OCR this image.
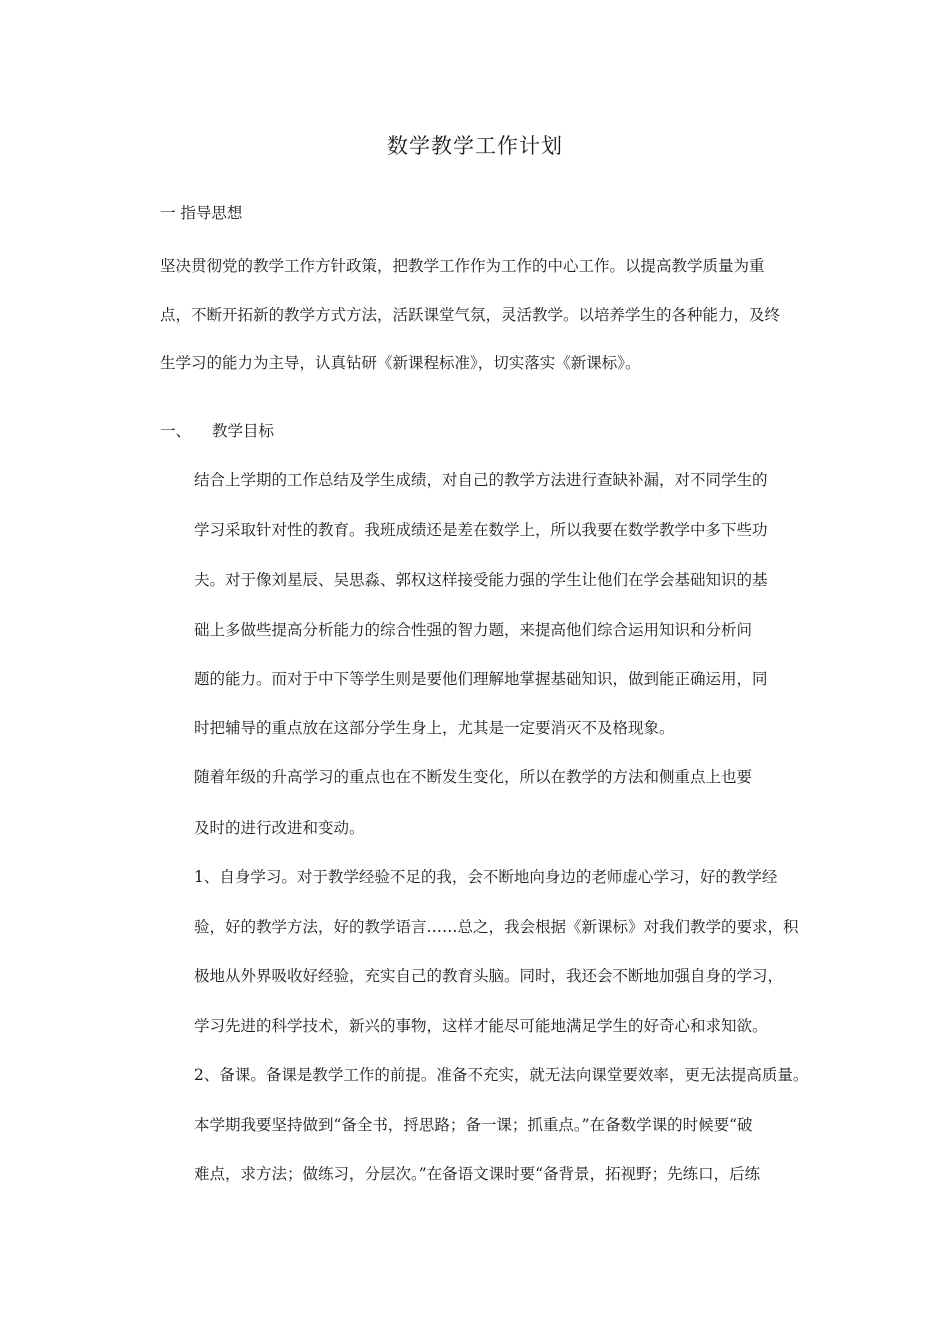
数学教学工作计划
一 指导思想
坚决贯彻党的教学工作方针政策，把教学工作作为工作的中心工作。以提高教学质量为重
点，不断开拓新的教学方式方法，活跃课堂气氛，灵活教学。以培养学生的各种能力，及终
生学习的能力为主导，认真钻研《新课程标准》，切实落实《新课标》。
一、 教学目标
结合上学期的工作总结及学生成绩，对自己的教学方法进行查缺补漏，对不同学生的
学习采取针对性的教育。我班成绩还是差在数学上，所以我要在数学教学中多下些功
夫。对于像刘星辰、吴思淼、郭权这样接受能力强的学生让他们在学会基础知识的基
础上多做些提高分析能力的综合性强的智力题，来提高他们综合运用知识和分析问
题的能力。而对于中下等学生则是要他们理解地掌握基础知识，做到能正确运用，同
时把辅导的重点放在这部分学生身上，尤其是一定要消灭不及格现象。
随着年级的升高学习的重点也在不断发生变化，所以在教学的方法和侧重点上也要
及时的进行改进和变动。
1、自身学习。对于教学经验不足的我，会不断地向身边的老师虚心学习，好的教学经
验，好的教学方法，好的教学语言……总之，我会根据《新课标》对我们教学的要求，积
极地从外界吸收好经验，充实自己的教育头脑。同时，我还会不断地加强自身的学习，
学习先进的科学技术，新兴的事物，这样才能尽可能地满足学生的好奇心和求知欲。
2、备课。备课是教学工作的前提。准备不充实，就无法向课堂要效率，更无法提高质量。
本学期我要坚持做到“备全书，捋思路；备一课；抓重点。”在备数学课的时候要“破
难点，求方法；做练习，分层次。”在备语文课时要“备背景，拓视野；先练口，后练
